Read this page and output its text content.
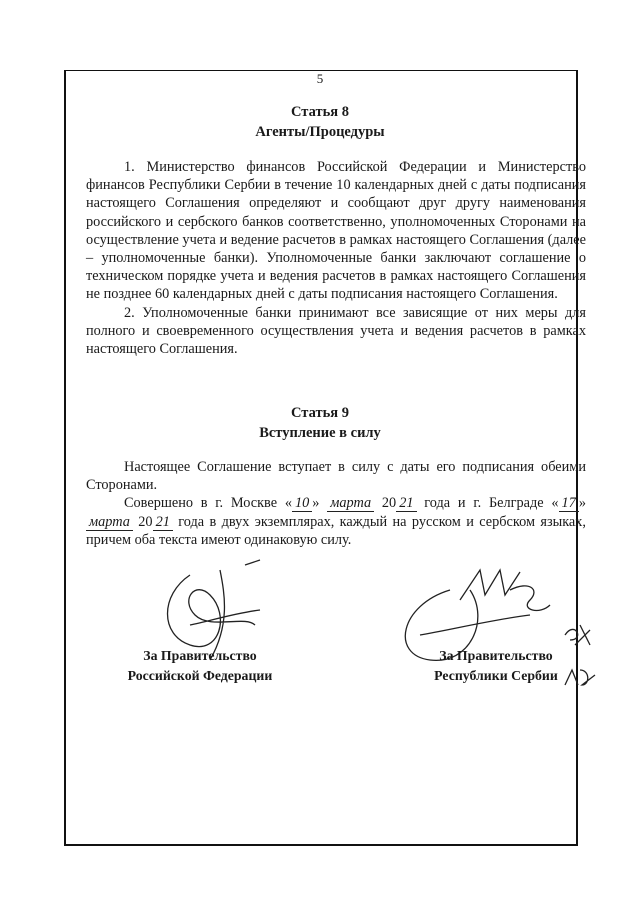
5
Статья 8
Агенты/Процедуры

1. Министерство финансов Российской Федерации и Министерство финансов Республики Сербии в течение 10 календарных дней с даты подписания настоящего Соглашения определяют и сообщают друг другу наименования российского и сербского банков соответственно, уполномоченных Сторонами на осуществление учета и ведение расчетов в рамках настоящего Соглашения (далее – уполномоченные банки). Уполномоченные банки заключают соглашение о техническом порядке учета и ведения расчетов в рамках настоящего Соглашения не позднее 60 календарных дней с даты подписания настоящего Соглашения.

2. Уполномоченные банки принимают все зависящие от них меры для полного и своевременного осуществления учета и ведения расчетов в рамках настоящего Соглашения.

Статья 9
Вступление в силу

Настоящее Соглашение вступает в силу с даты его подписания обеими Сторонами.

Совершено в г. Москве « 10 » марта 20 21 года и г. Белграде « 17 » марта 20 21 года в двух экземплярах, каждый на русском и сербском языках, причем оба текста имеют одинаковую силу.

За Правительство
Российской Федерации
За Правительство
Республики Сербии
